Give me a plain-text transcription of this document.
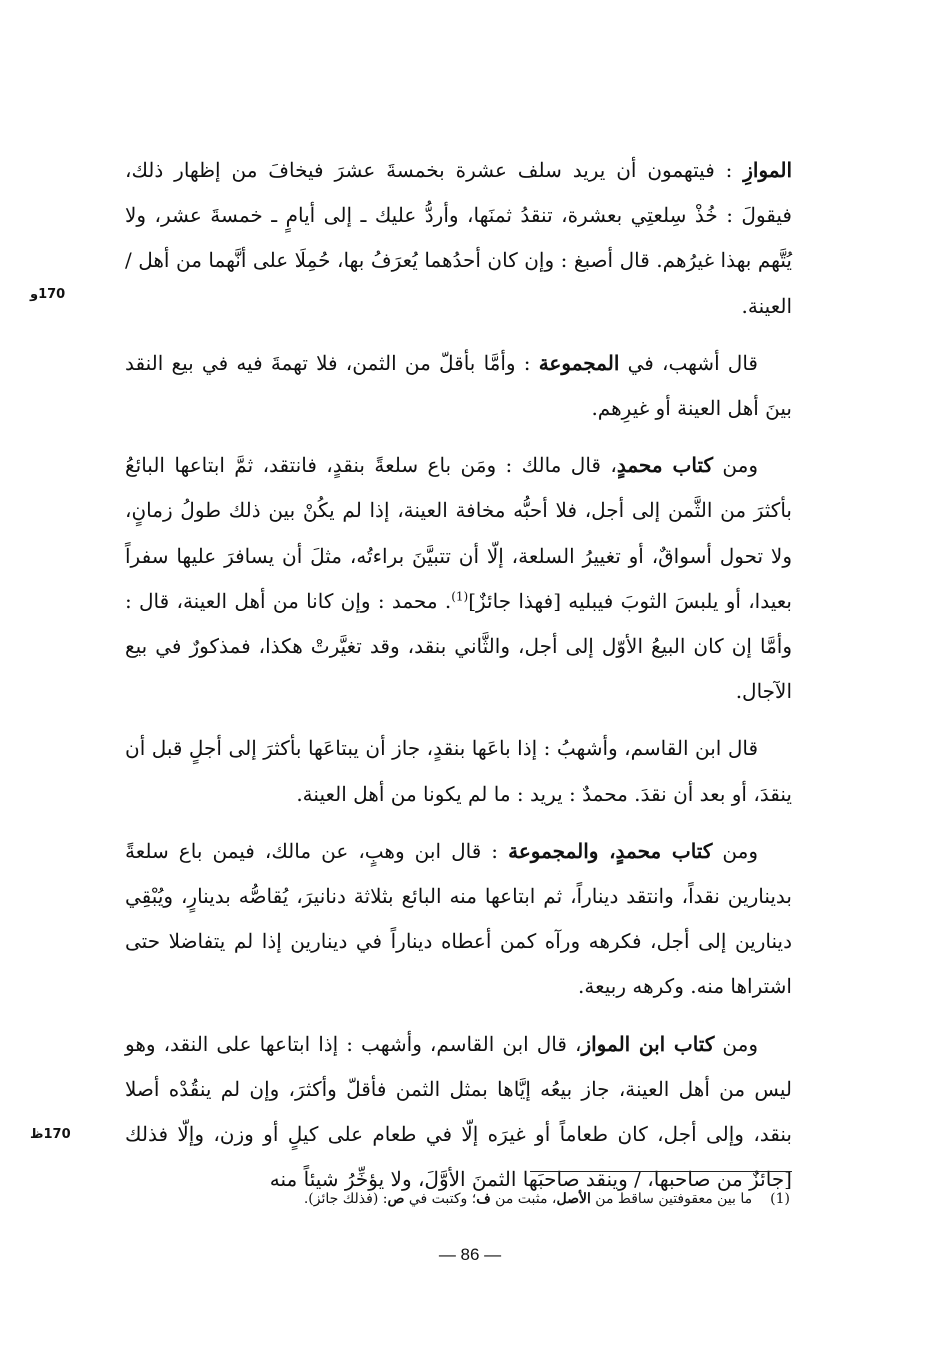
الموازِ : فيتهمون أن يريد سلف عشرة بخمسةَ عشرَ فيخافَ من إظهار ذلك، فيقولَ : خُذْ سِلعتِي بعشرة، تنقدُ ثمنَها، وأردُّ عليك ـ إلى أيامٍ ـ خمسةَ عشر، ولا يُتَّهم بهذا غيرُهم. قال أصبغ : وإن كان أحدُهما يُعرَفُ بها، حُمِلَا على أنَّهما من أهل / العينة.

قال أشهب، في المجموعة : وأمَّا بأقلّ من الثمن، فلا تهمةَ فيه في بيع النقد بينَ أهل العينة أو غيرِهم.

ومن كتاب محمدٍ، قال مالك : ومَن باع سلعةً بنقدٍ، فانتقد، ثمَّ ابتاعها البائعُ بأكثرَ من الثَّمن إلى أجل، فلا أحبُّه مخافة العينة، إذا لم يكُنْ بين ذلك طولُ زمانٍ، ولا تحول أسواقٌ، أو تغييرُ السلعة، إلّا أن تتبيَّنَ براءتُه، مثلَ أن يسافرَ عليها سفراً بعيدا، أو يلبسَ الثوبَ فيبليه [فهذا جائزٌ]$^{(1)}$. محمد : وإن كانا من أهل العينة، قال : وأمَّا إن كان البيعُ الأوّل إلى أجل، والثَّاني بنقد، وقد تغيَّرتْ هكذا، فمذكورٌ في بيع الآجال.

قال ابن القاسم، وأشهبُ : إذا باعَها بنقدٍ، جاز أن يبتاعَها بأكثرَ إلى أجلٍ قبل أن ينقدَ، أو بعد أن نقدَ. محمدٌ : يريد : ما لم يكونا من أهل العينة.

ومن كتاب محمدٍ، والمجموعة : قال ابن وهبٍ، عن مالك، فيمن باع سلعةً بدينارين نقداً، وانتقد ديناراً، ثم ابتاعها منه البائع بثلاثة دنانيرَ، يُقاصُّه بدينارٍ، ويُبْقِي دينارين إلى أجل، فكرهه ورآه كمن أعطاه ديناراً في دينارين إذا لم يتفاضلا حتى اشتراها منه. وكرهه ربيعة.

ومن كتاب ابن المواز، قال ابن القاسم، وأشهب : إذا ابتاعها على النقد، وهو ليس من أهل العينة، جاز بيعُه إيَّاها بمثل الثمن فأقلّ وأكثرَ، وإن لم ينقُدْه أصلا بنقد، وإلى أجل، كان طعاماً أو غيرَه إلّا في طعام على كيلٍ أو وزن، وإلّا فذلك [جائزٌ من صاحبها، / وينقد صاحبَها الثمنَ الأوَّلَ، ولا يؤخِّرُ شيئاً منه

170و
170ظ
(1)ما بين معقوفتين ساقط من الأصل، مثبت من ف؛ وكتبت في ص: (فذلك جائز).
— 86 —
